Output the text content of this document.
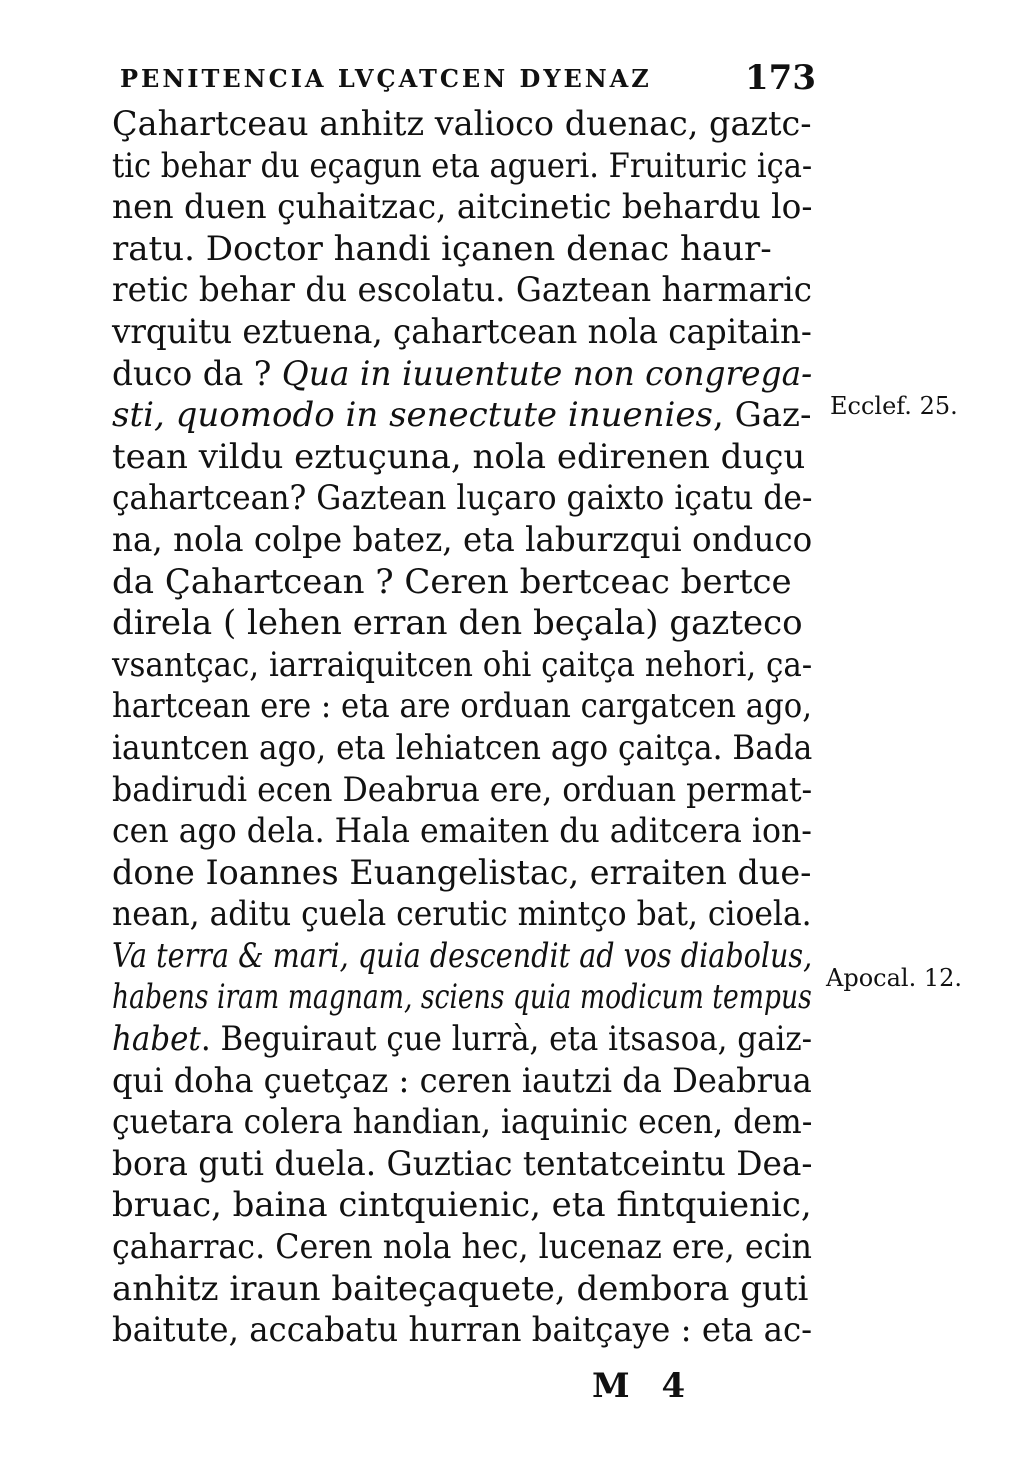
PENITENCIA LVÇATCEN DYENAZ	173
Çahartceau anhitz valioco duenac, gaztc-
tic behar du eçagun eta agueri. Fruituric iça-
nen duen çuhaitzac, aitcinetic behardu lo-
ratu. Doctor handi içanen denac haur-
retic behar du escolatu. Gaztean harmaric
vrquitu eztuena, çahartcean nola capitain-
duco da ? Qua in iuuentute non congrega-
sti, quomodo in senectute inuenies, Gaz-
tean vildu eztuçuna, nola edirenen duçu
çahartcean? Gaztean luçaro gaixto içatu de-
na, nola colpe batez, eta laburzqui onduco
da Çahartcean ? Ceren bertceac bertce
direla ( lehen erran den beçala) gazteco
vsantçac, iarraiquitcen ohi çaitça nehori, ça-
hartcean ere : eta are orduan cargatcen ago,
iauntcen ago, eta lehiatcen ago çaitça. Bada
badirudi ecen Deabrua ere, orduan permat-
cen ago dela. Hala emaiten du aditcera ion-
done Ioannes Euangelistac, erraiten due-
nean, aditu çuela cerutic mintço bat, cioela.
Va terra & mari, quia descendit ad vos diabolus,
habens iram magnam, sciens quia modicum tempus
habet. Beguiraut çue lurrà, eta itsasoa, gaiz-
qui doha çuetçaz : ceren iautzi da Deabrua
çuetara colera handian, iaquinic ecen, dem-
bora guti duela. Guztiac tentatceintu Dea-
bruac, baina cintquienic, eta fintquienic,
çaharrac. Ceren nola hec, lucenaz ere, ecin
anhitz iraun baiteçaquete, dembora guti
baitute, accabatu hurran baitçaye : eta ac-
Ecclef. 25.
Apocal. 12.
M 4
